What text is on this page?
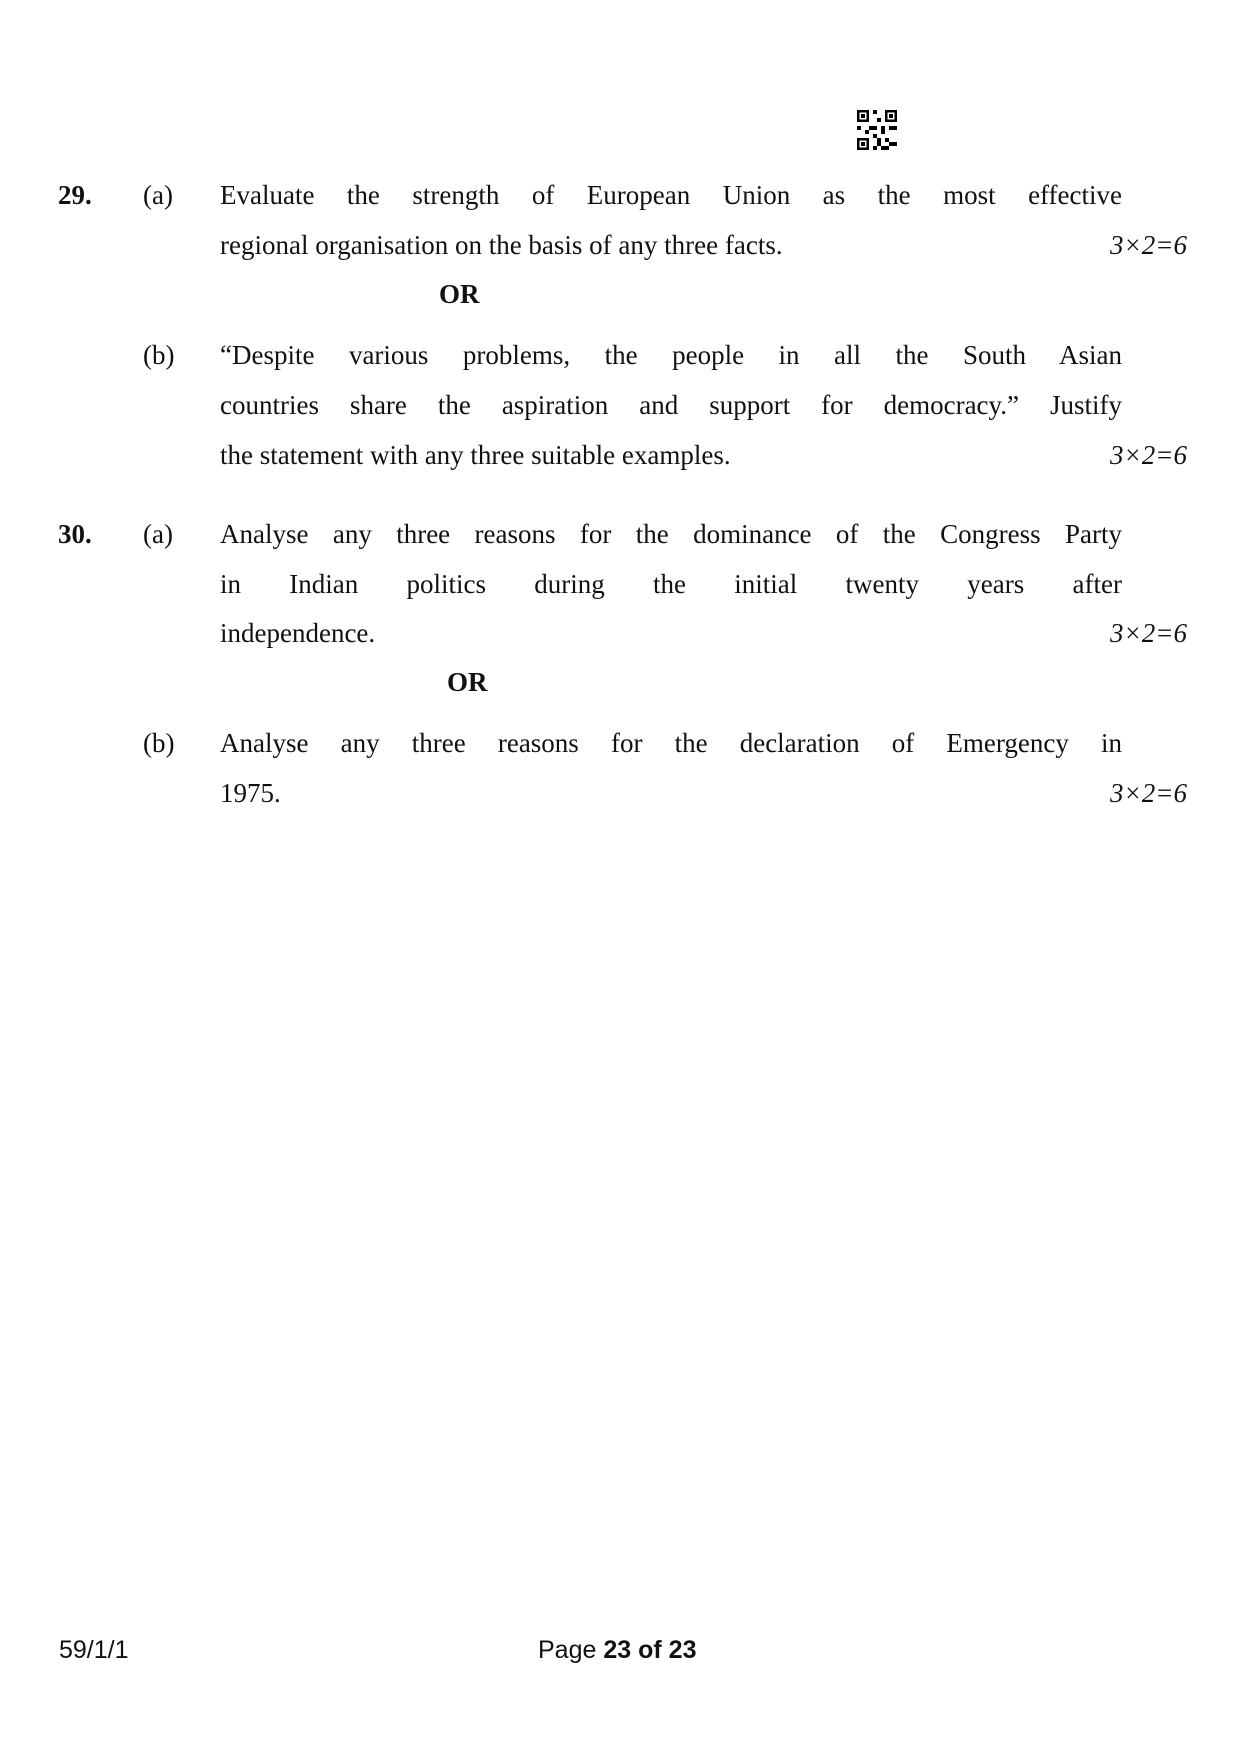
29. (a) Evaluate the strength of European Union as the most effective
regional organisation on the basis of any three facts.	3×2=6
OR
(b) “Despite various problems, the people in all the South Asian
countries share the aspiration and support for democracy.” Justify
the statement with any three suitable examples.	3×2=6
30. (a) Analyse any three reasons for the dominance of the Congress Party
in Indian politics during the initial twenty years after
independence.	3×2=6
OR
(b) Analyse any three reasons for the declaration of Emergency in
1975.	3×2=6
59/1/1	Page 23 of 23
